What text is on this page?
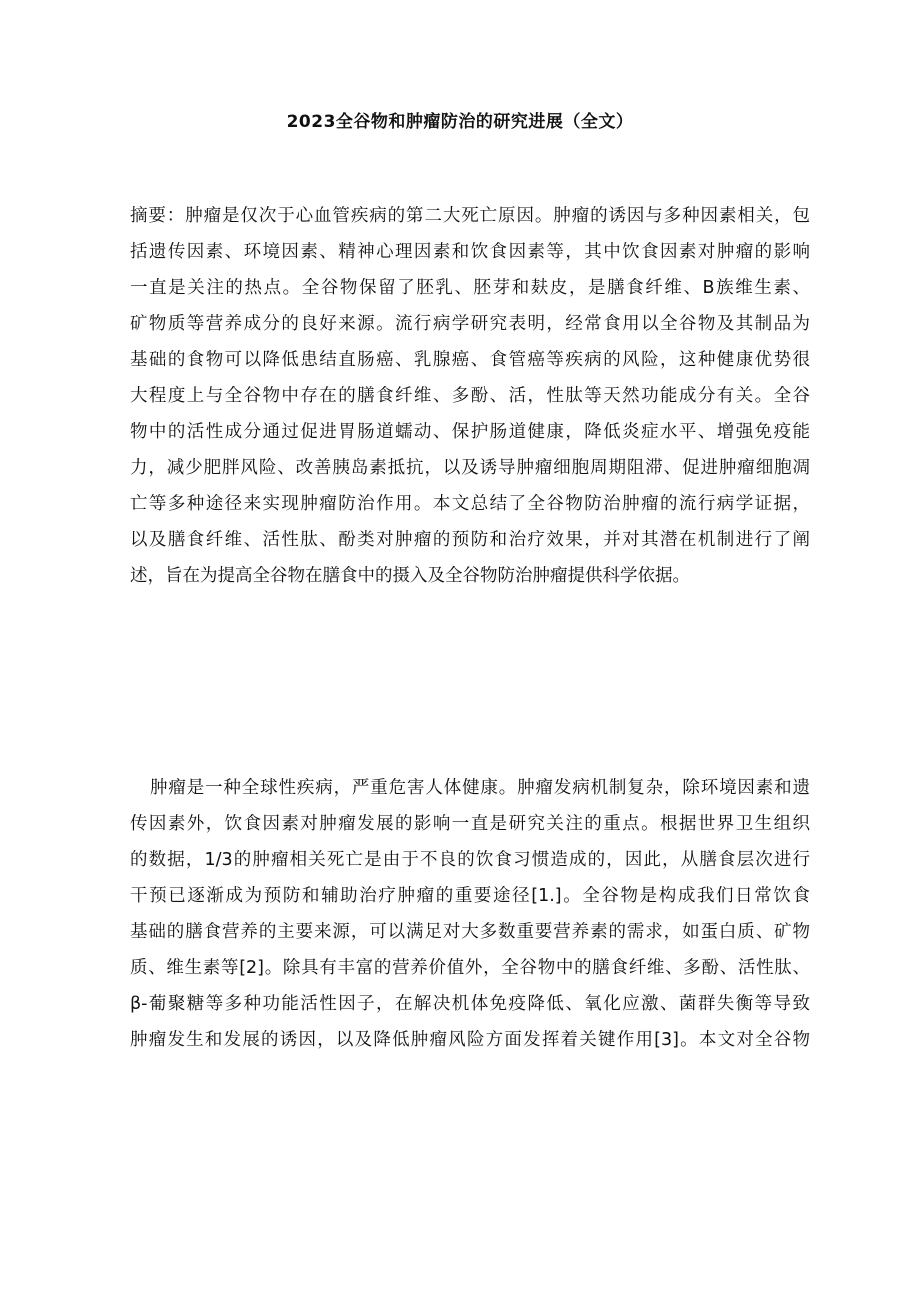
2023全谷物和肿瘤防治的研究进展（全文）
摘要：肿瘤是仅次于心血管疾病的第二大死亡原因。肿瘤的诱因与多种因素相关，包
括遗传因素、环境因素、精神心理因素和饮食因素等，其中饮食因素对肿瘤的影响
一直是关注的热点。全谷物保留了胚乳、胚芽和麸皮，是膳食纤维、B族维生素、
矿物质等营养成分的良好来源。流行病学研究表明，经常食用以全谷物及其制品为
基础的食物可以降低患结直肠癌、乳腺癌、食管癌等疾病的风险，这种健康优势很
大程度上与全谷物中存在的膳食纤维、多酚、活，性肽等天然功能成分有关。全谷
物中的活性成分通过促进胃肠道蠕动、保护肠道健康，降低炎症水平、增强免疫能
力，减少肥胖风险、改善胰岛素抵抗，以及诱导肿瘤细胞周期阻滞、促进肿瘤细胞凋
亡等多种途径来实现肿瘤防治作用。本文总结了全谷物防治肿瘤的流行病学证据，
以及膳食纤维、活性肽、酚类对肿瘤的预防和治疗效果，并对其潜在机制进行了阐
述，旨在为提高全谷物在膳食中的摄入及全谷物防治肿瘤提供科学依据。
肿瘤是一种全球性疾病，严重危害人体健康。肿瘤发病机制复杂，除环境因素和遗
传因素外，饮食因素对肿瘤发展的影响一直是研究关注的重点。根据世界卫生组织
的数据，1/3的肿瘤相关死亡是由于不良的饮食习惯造成的，因此，从膳食层次进行
干预已逐渐成为预防和辅助治疗肿瘤的重要途径[1.]。全谷物是构成我们日常饮食
基础的膳食营养的主要来源，可以满足对大多数重要营养素的需求，如蛋白质、矿物
质、维生素等[2]。除具有丰富的营养价值外，全谷物中的膳食纤维、多酚、活性肽、
β-葡聚糖等多种功能活性因子，在解决机体免疫降低、氧化应激、菌群失衡等导致
肿瘤发生和发展的诱因，以及降低肿瘤风险方面发挥着关键作用[3]。本文对全谷物
